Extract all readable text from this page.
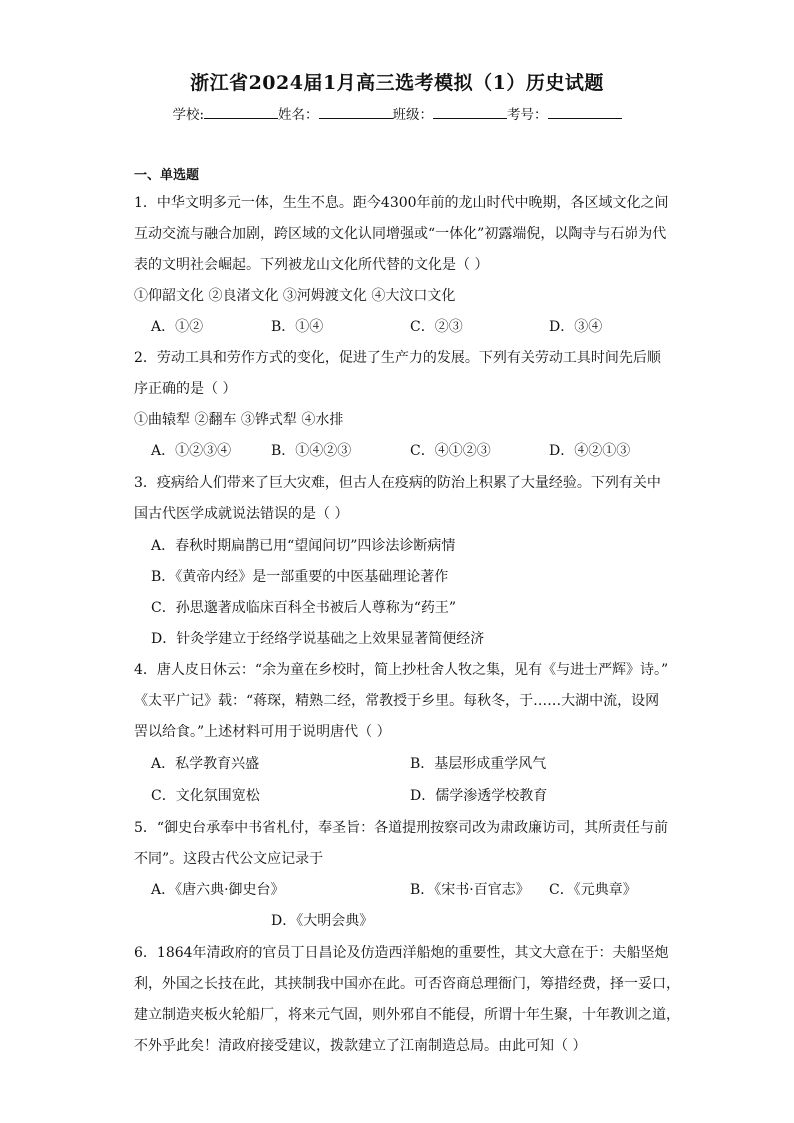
浙江省2024届1月高三选考模拟（1）历史试题
学校:	姓名：	班级：	考号：
一、单选题
1．中华文明多元一体，生生不息。距今4300年前的龙山时代中晚期，各区域文化之间
互动交流与融合加剧，跨区域的文化认同增强或“一体化”初露端倪，以陶寺与石峁为代
表的文明社会崛起。下列被龙山文化所代替的文化是（ ）
①仰韶文化 ②良渚文化 ③河姆渡文化 ④大汶口文化
A．①②	B．①④	C．②③	D．③④
2．劳动工具和劳作方式的变化，促进了生产力的发展。下列有关劳动工具时间先后顺
序正确的是（ ）
①曲辕犁 ②翻车 ③铧式犁 ④水排
A．①②③④	B．①④②③	C．④①②③	D．④②①③
3．疫病给人们带来了巨大灾难，但古人在疫病的防治上积累了大量经验。下列有关中
国古代医学成就说法错误的是（ ）
A．春秋时期扁鹊已用“望闻问切”四诊法诊断病情
B．《黄帝内经》是一部重要的中医基础理论著作
C．孙思邈著成临床百科全书被后人尊称为“药王”
D．针灸学建立于经络学说基础之上效果显著简便经济
4．唐人皮日休云：“余为童在乡校时，简上抄杜舍人牧之集，见有《与进士严辉》诗。”
《太平广记》载：“蒋琛，精熟二经，常教授于乡里。每秋冬，于……大湖中流，设网
罟以给食。”上述材料可用于说明唐代（ ）
A．私学教育兴盛	B．基层形成重学风气
C．文化氛围宽松	D．儒学渗透学校教育
5．“御史台承奉中书省札付，奉圣旨：各道提刑按察司改为肃政廉访司，其所责任与前
不同”。这段古代公文应记录于
A．《唐六典·御史台》	B．《宋书·百官志》 C．《元典章》
D．《大明会典》
6．1864年清政府的官员丁日昌论及仿造西洋船炮的重要性，其文大意在于：夫船坚炮
利，外国之长技在此，其挟制我中国亦在此。可否咨商总理衙门，筹措经费，择一妥口，
建立制造夹板火轮船厂，将来元气固，则外邪自不能侵，所谓十年生聚，十年教训之道，
不外乎此矣！清政府接受建议，拨款建立了江南制造总局。由此可知（ ）
